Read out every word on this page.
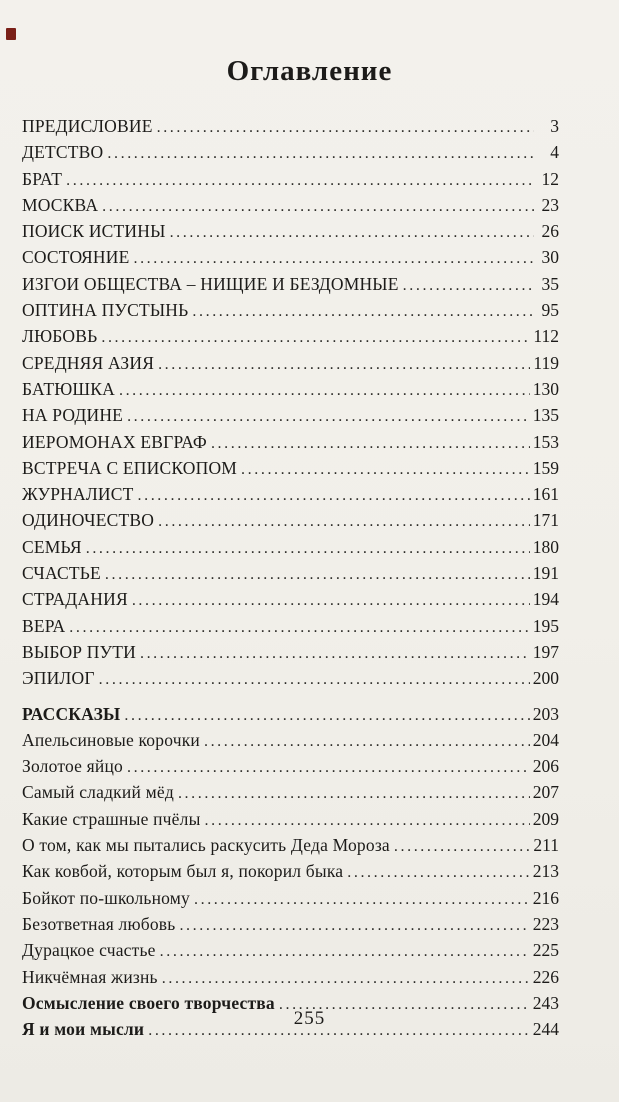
Оглавление
ПРЕДИСЛОВИЕ .....	3
ДЕТСТВО .....	4
БРАТ .....	12
МОСКВА .....	23
ПОИСК ИСТИНЫ .....	26
СОСТОЯНИЕ .....	30
ИЗГОИ ОБЩЕСТВА – НИЩИЕ И БЕЗДОМНЫЕ .....	35
ОПТИНА ПУСТЫНЬ .....	95
ЛЮБОВЬ .....	112
СРЕДНЯЯ АЗИЯ .....	119
БАТЮШКА .....	130
НА РОДИНЕ .....	135
ИЕРОМОНАХ ЕВГРАФ .....	153
ВСТРЕЧА С ЕПИСКОПОМ .....	159
ЖУРНАЛИСТ .....	161
ОДИНОЧЕСТВО .....	171
СЕМЬЯ .....	180
СЧАСТЬЕ .....	191
СТРАДАНИЯ .....	194
ВЕРА .....	195
ВЫБОР ПУТИ .....	197
ЭПИЛОГ .....	200
РАССКАЗЫ .....	203
Апельсиновые корочки .....	204
Золотое яйцо .....	206
Самый сладкий мёд .....	207
Какие страшные пчёлы .....	209
О том, как мы пытались раскусить Деда Мороза .....	211
Как ковбой, которым был я, покорил быка .....	213
Бойкот по-школьному .....	216
Безответная любовь .....	223
Дурацкое счастье .....	225
Никчёмная жизнь .....	226
Осмысление своего творчества .....	243
Я и мои мысли .....	244
255
